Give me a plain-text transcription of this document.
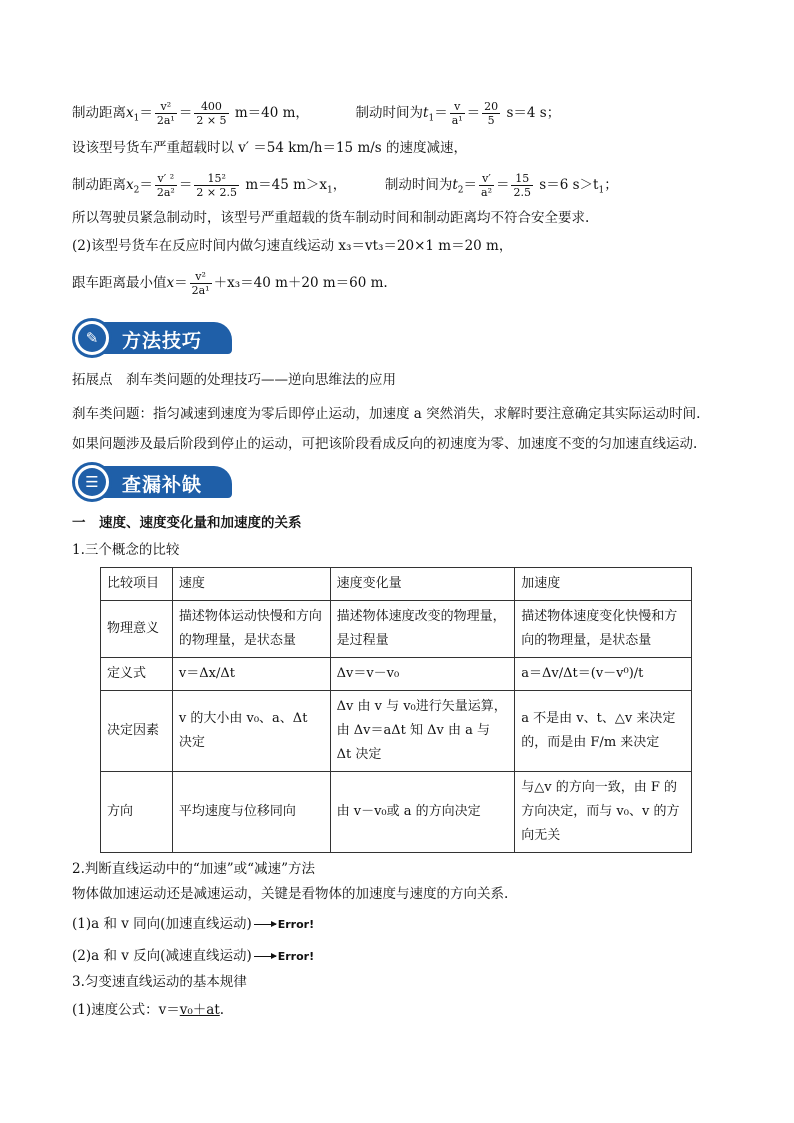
制动距离$x_1= \frac{\text{v²}}{\text{2a¹}} = \frac{400}{2 \times 5} m=40$ m，	制动时间为$t_1= \frac{v}{\text{a¹}} = \frac{20}{5} s=4$ s；
设该型号货车严重超载时以 v′ ＝54 km/h＝15 m/s 的速度减速，
制动距离$x_2= \frac{\text{v′ ²}}{\text{2a²}} = \frac{\text{15²}}{2 \times 2.5} m=45$ $m>x_1$，	制动时间为$t_2= \frac{v'}{\text{a²}} = \frac{15}{2.5} s=6$ $s>t_1$；
所以驾驶员紧急制动时，该型号严重超载的货车制动时间和制动距离均不符合安全要求.
(2)该型号货车在反应时间内做匀速直线运动 x₃＝vt₃＝20×1 m＝20 m，
跟车距离最小值$x= \frac{\text{v²}}{\text{2a¹}} +x_3=40$ m＋20 m＝60 m.
✎	方法技巧
拓展点　刹车类问题的处理技巧——逆向思维法的应用
刹车类问题：指匀减速到速度为零后即停止运动，加速度 a 突然消失，求解时要注意确定其实际运动时间.
如果问题涉及最后阶段到停止的运动，可把该阶段看成反向的初速度为零、加速度不变的匀加速直线运动.
☰	查漏补缺
一　速度、速度变化量和加速度的关系
1.三个概念的比较
比较项目	速度	速度变化量	加速度
物理意义	描述物体运动快慢和方向的物理量，是状态量	描述物体速度改变的物理量，是过程量	描述物体速度变化快慢和方向的物理量，是状态量
定义式	v＝Δx/Δt	Δv＝v－v₀	a＝Δv/Δt＝(v－v⁰)/t
决定因素	v 的大小由 v₀、a、Δt 决定	Δv 由 v 与 v₀进行矢量运算，由 Δv＝aΔt 知 Δv 由 a 与 Δt 决定	a 不是由 v、t、△v 来决定的，而是由 F/m 来决定
方向	平均速度与位移同向	由 v－v₀或 a 的方向决定	与△v 的方向一致，由 F 的方向决定，而与 v₀、v 的方向无关
2.判断直线运动中的“加速”或“减速”方法
物体做加速运动还是减速运动，关键是看物体的加速度与速度的方向关系.
(1)a 和 v 同向(加速直线运动) Error!
(2)a 和 v 反向(减速直线运动) Error!
3.匀变速直线运动的基本规律
(1)速度公式：v＝v₀＋at.
